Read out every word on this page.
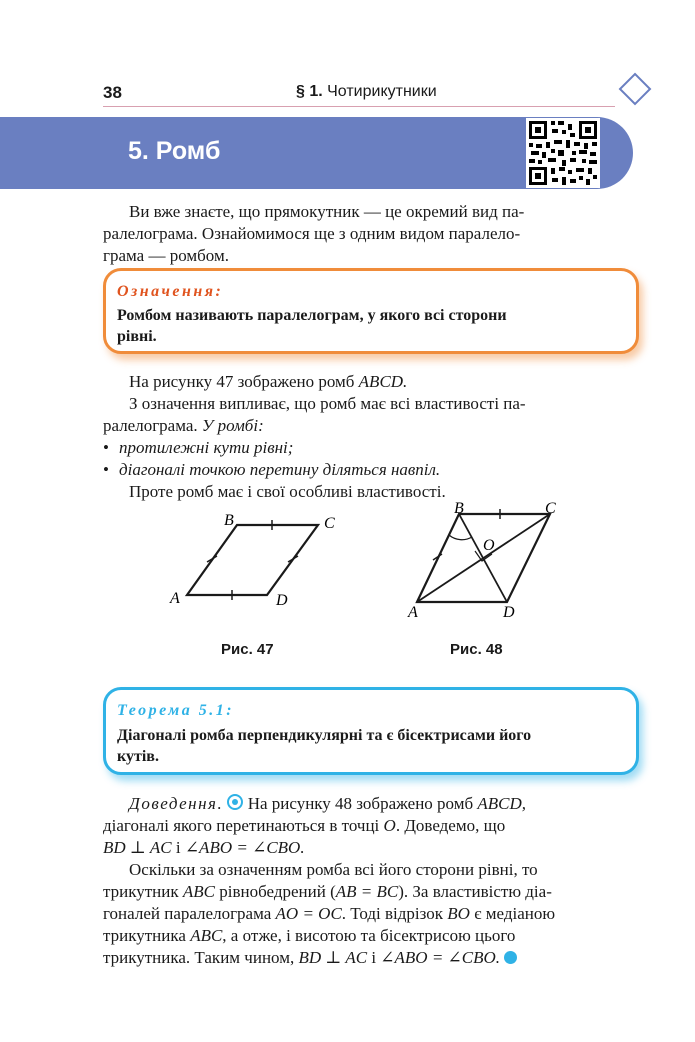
38	§ 1. Чотирикутники
5. Ромб
Ви вже знаєте, що прямокутник — це окремий вид па-
ралелограма. Ознайомимося ще з одним видом паралело-
грама — ромбом.
Означення:
Ромбом називають паралелограм, у якого всі сторони
рівні.
На рисунку 47 зображено ромб ABCD.
З означення випливає, що ромб має всі властивості па-
ралелограма. У ромбі:
• протилежні кути рівні;
• діагоналі точкою перетину діляться навпіл.
Проте ромб має і свої особливі властивості.
A
B	C
D
Рис. 47
B	C
O
A	D
Рис. 48
Теорема 5.1:
Діагоналі ромба перпендикулярні та є бісектрисами його
кутів.
Доведення.  На рисунку 48 зображено ромб ABCD,
діагоналі якого перетинаються в точці O. Доведемо, що
BD ⊥ AC і ∠ABO = ∠CBO.
Оскільки за означенням ромба всі його сторони рівні, то
трикутник ABC рівнобедрений (AB = BC). За властивістю діа-
гоналей паралелограма AO = OC. Тоді відрізок BO є медіаною
трикутника ABC, а отже, і висотою та бісектрисою цього
трикутника. Таким чином, BD ⊥ AC і ∠ABO = ∠CBO.
